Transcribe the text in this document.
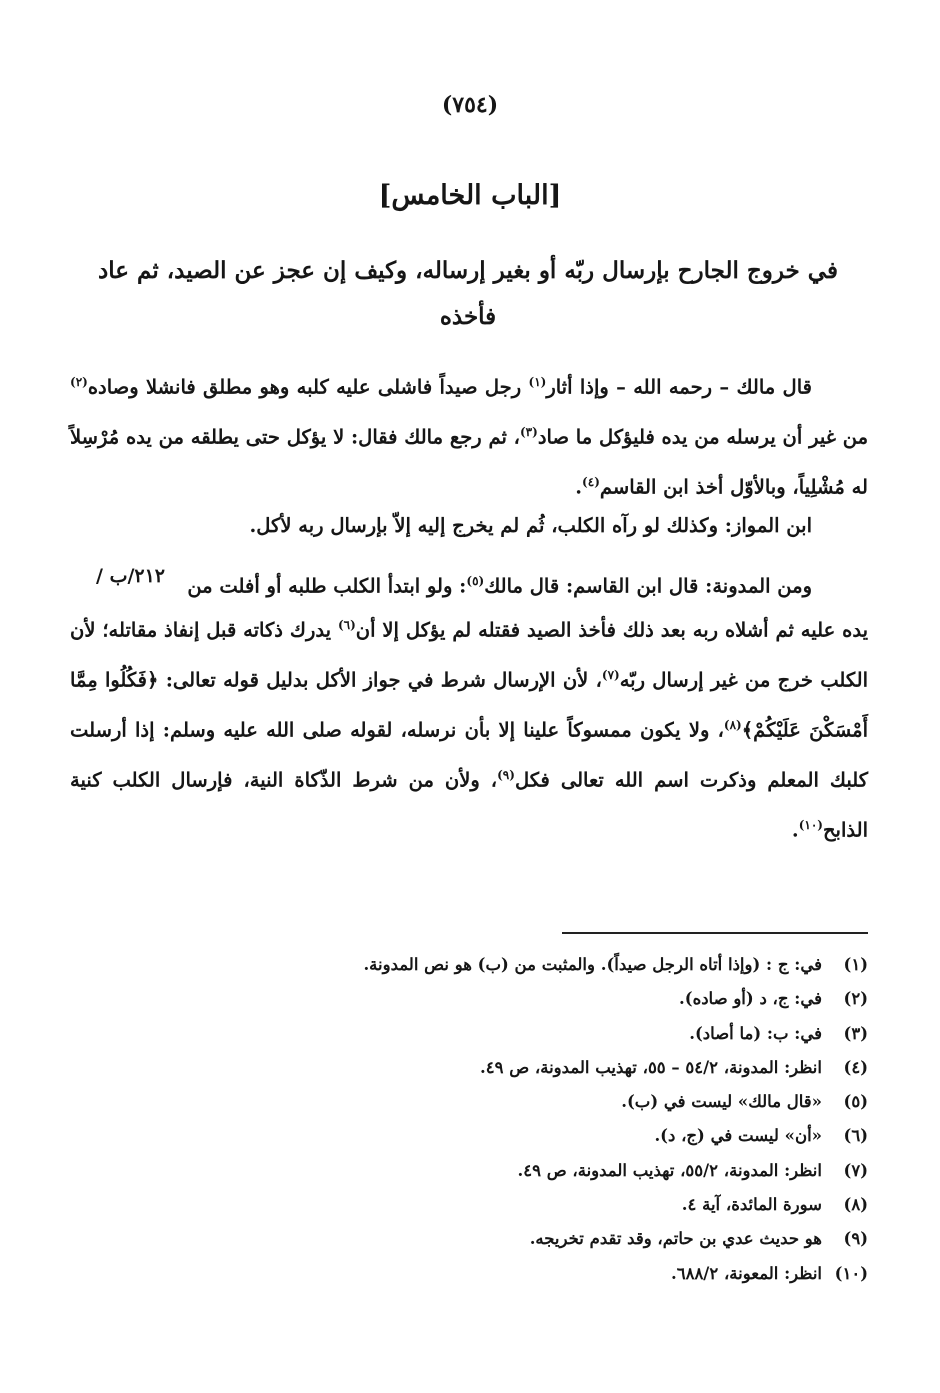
(٧٥٤)
[الباب الخامس]
في خروج الجارح بإرسال ربّه أو بغير إرساله، وكيف إن عجز عن الصيد، ثم عاد فأخذه
قال مالك – رحمه الله – وإذا أثار$^{(١)}$ رجل صيداً فاشلى عليه كلبه وهو مطلق فانشلا وصاده$^{(٢)}$ من غير أن يرسله من يده فليؤكل ما صاد$^{(٣)}$، ثم رجع مالك فقال: لا يؤكل حتى يطلقه من يده مُرْسِلاً له مُشْلِياً، وبالأوّل أخذ ابن القاسم$^{(٤)}$.
ابن المواز: وكذلك لو رآه الكلب، ثُم لم يخرج إليه إلاّ بإرسال ربه لأكل.
ومن المدونة: قال ابن القاسم: قال مالك$^{(٥)}$: ولو ابتدأ الكلب طلبه أو أفلت من
/ ٢١٢/ب
يده عليه ثم أشلاه ربه بعد ذلك فأخذ الصيد فقتله لم يؤكل إلا أن$^{(٦)}$ يدرك ذكاته قبل إنفاذ مقاتله؛ لأن الكلب خرج من غير إرسال ربّه$^{(٧)}$، لأن الإرسال شرط في جواز الأكل بدليل قوله تعالى: ﴿فَكُلُوا مِمَّا أَمْسَكْنَ عَلَيْكُمْ﴾$^{(٨)}$، ولا يكون ممسوكاً علينا إلا بأن نرسله، لقوله صلى الله عليه وسلم: إذا أرسلت كلبك المعلم وذكرت اسم الله تعالى فكل$^{(٩)}$، ولأن من شرط الذّكاة النية، فإرسال الكلب كنية الذابح$^{(١٠)}$.
(١)في: ج : (وإذا أتاه الرجل صيداً). والمثبت من (ب) هو نص المدونة.
(٢)في: ج، د (أو صاده).
(٣)في: ب: (ما أصاد).
(٤)انظر: المدونة، ٥٤/٢ – ٥٥، تهذيب المدونة، ص ٤٩.
(٥)«قال مالك» ليست في (ب).
(٦)«أن» ليست في (ج، د).
(٧)انظر: المدونة، ٥٥/٢، تهذيب المدونة، ص ٤٩.
(٨)سورة المائدة، آية ٤.
(٩)هو حديث عدي بن حاتم، وقد تقدم تخريجه.
(١٠)انظر: المعونة، ٦٨٨/٢.
